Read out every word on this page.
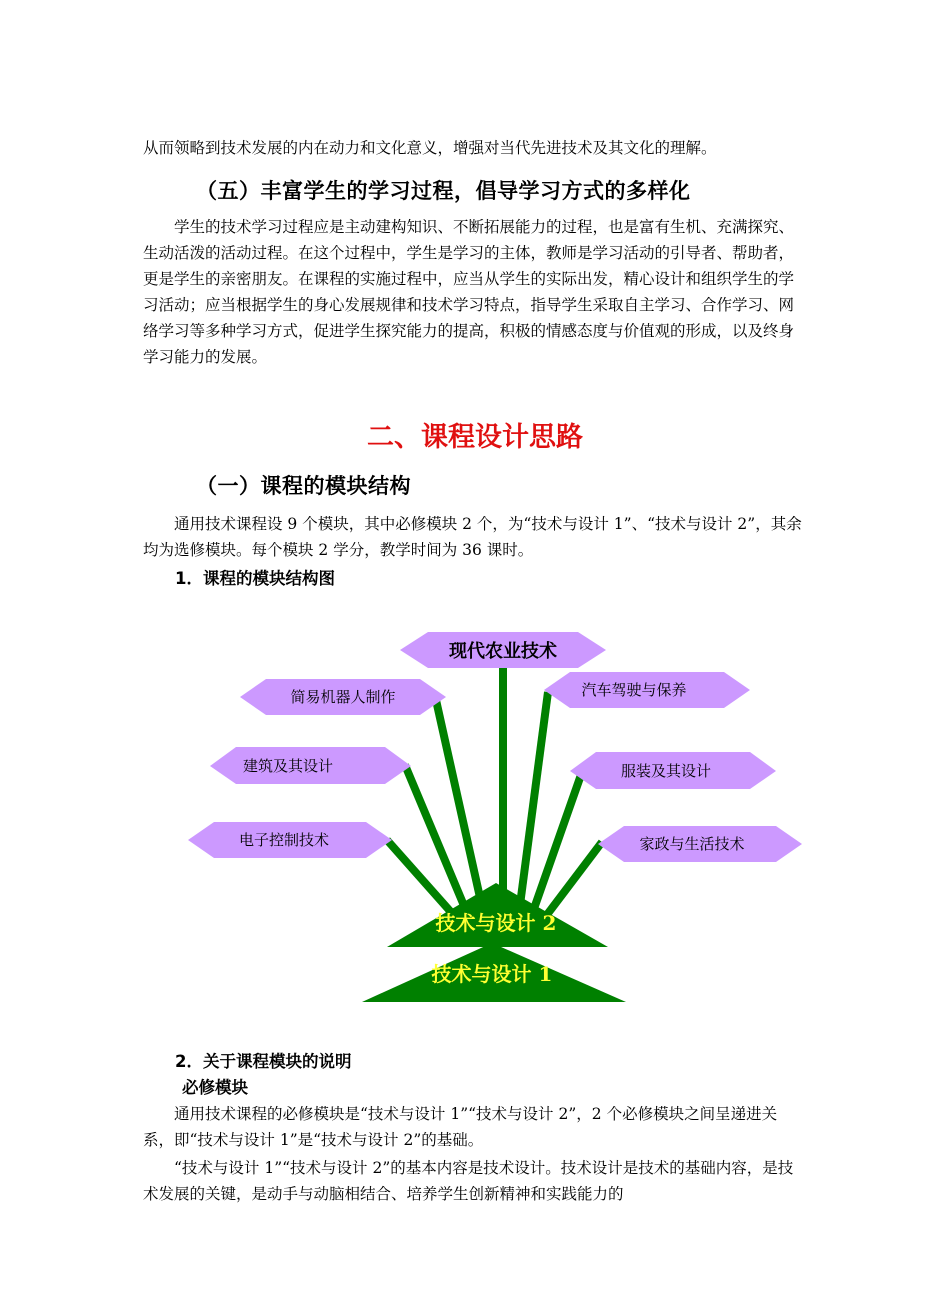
从而领略到技术发展的内在动力和文化意义，增强对当代先进技术及其文化的理解。

（五）丰富学生的学习过程，倡导学习方式的多样化

学生的技术学习过程应是主动建构知识、不断拓展能力的过程，也是富有生机、充满探究、生动活泼的活动过程。在这个过程中，学生是学习的主体，教师是学习活动的引导者、帮助者，更是学生的亲密朋友。在课程的实施过程中，应当从学生的实际出发，精心设计和组织学生的学习活动；应当根据学生的身心发展规律和技术学习特点，指导学生采取自主学习、合作学习、网络学习等多种学习方式，促进学生探究能力的提高，积极的情感态度与价值观的形成，以及终身学习能力的发展。

二、课程设计思路
（一）课程的模块结构

通用技术课程设 9 个模块，其中必修模块 2 个，为“技术与设计 1”、“技术与设计 2”，其余均为选修模块。每个模块 2 学分，教学时间为 36 课时。

1．课程的模块结构图
技术与设计 2
技术与设计 1
现代农业技术
简易机器人制作
建筑及其设计
电子控制技术
汽车驾驶与保养
服装及其设计
家政与生活技术
2．关于课程模块的说明
必修模块

通用技术课程的必修模块是“技术与设计 1”“技术与设计 2”，2 个必修模块之间呈递进关系，即“技术与设计 1”是“技术与设计 2”的基础。

“技术与设计 1”“技术与设计 2”的基本内容是技术设计。技术设计是技术的基础内容，是技术发展的关键，是动手与动脑相结合、培养学生创新精神和实践能力的
